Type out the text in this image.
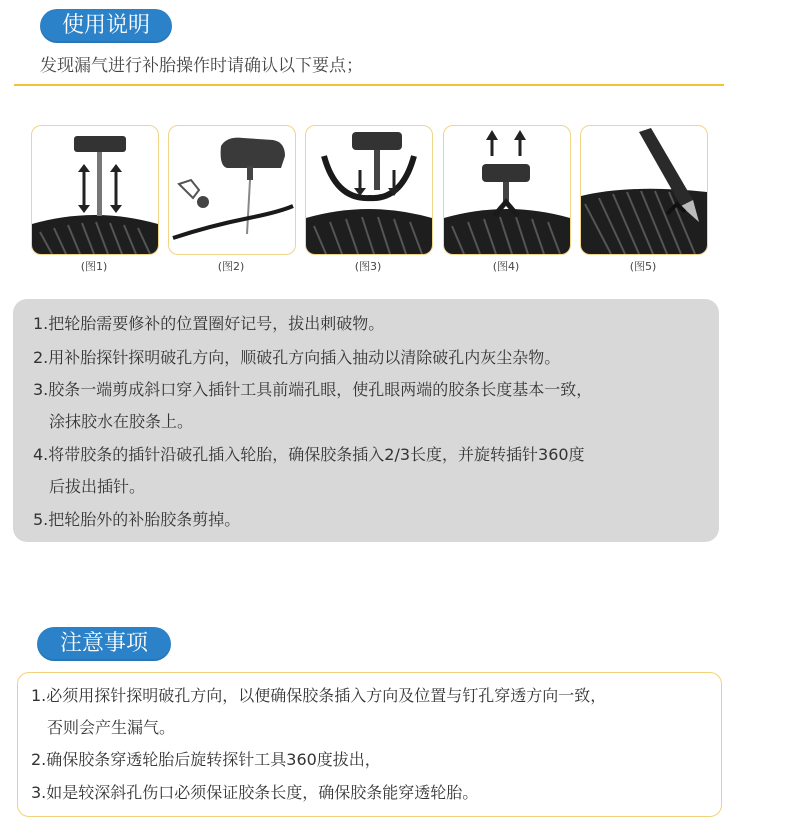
使用说明
发现漏气进行补胎操作时请确认以下要点；
(图1)	(图2)	(图3)	(图4)	(图5)
1.把轮胎需要修补的位置圈好记号，拔出刺破物。
2.用补胎探针探明破孔方向，顺破孔方向插入抽动以清除破孔内灰尘杂物。
3.胶条一端剪成斜口穿入插针工具前端孔眼，使孔眼两端的胶条长度基本一致，
涂抹胶水在胶条上。
4.将带胶条的插针沿破孔插入轮胎，确保胶条插入2/3长度，并旋转插针360度
后拔出插针。
5.把轮胎外的补胎胶条剪掉。
注意事项
1.必须用探针探明破孔方向，以便确保胶条插入方向及位置与钉孔穿透方向一致，
否则会产生漏气。
2.确保胶条穿透轮胎后旋转探针工具360度拔出，
3.如是较深斜孔伤口必须保证胶条长度，确保胶条能穿透轮胎。
